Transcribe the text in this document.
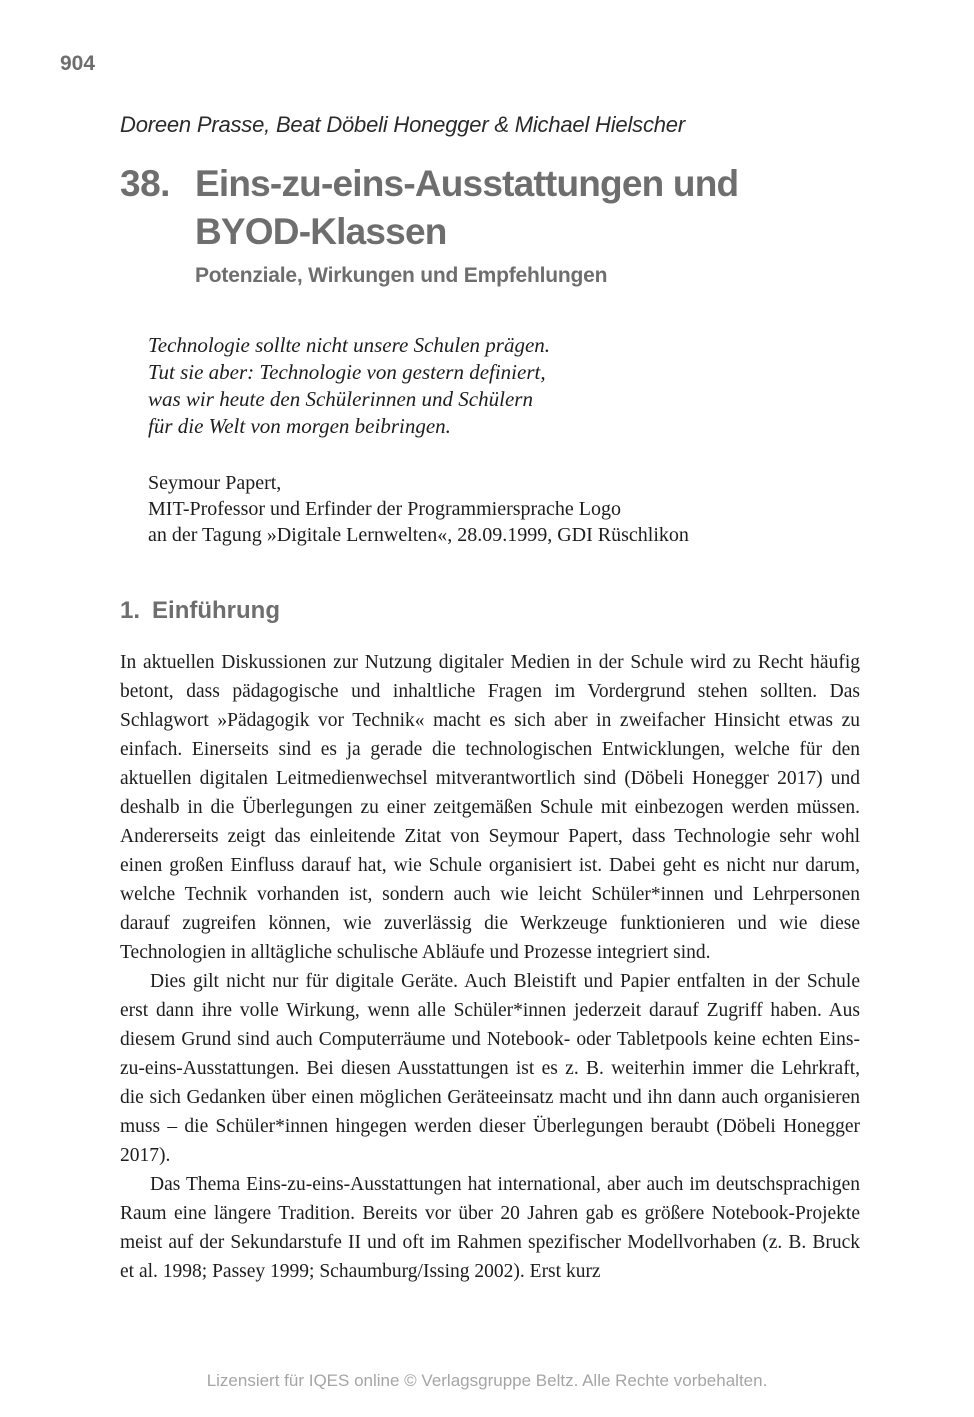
904
Doreen Prasse, Beat Döbeli Honegger & Michael Hielscher
38. Eins-zu-eins-Ausstattungen und
BYOD-Klassen
Potenziale, Wirkungen und Empfehlungen
Technologie sollte nicht unsere Schulen prägen.
Tut sie aber: Technologie von gestern definiert,
was wir heute den Schülerinnen und Schülern
für die Welt von morgen beibringen.
Seymour Papert,
MIT-Professor und Erfinder der Programmiersprache Logo
an der Tagung »Digitale Lernwelten«, 28.09.1999, GDI Rüschlikon
1. Einführung

In aktuellen Diskussionen zur Nutzung digitaler Medien in der Schule wird zu Recht häufig betont, dass pädagogische und inhaltliche Fragen im Vordergrund stehen sollten. Das Schlagwort »Pädagogik vor Technik« macht es sich aber in zweifacher Hinsicht etwas zu einfach. Einerseits sind es ja gerade die technologischen Entwicklungen, welche für den aktuellen digitalen Leitmedienwechsel mitverantwortlich sind (Döbeli Honegger 2017) und deshalb in die Überlegungen zu einer zeitgemäßen Schule mit einbezogen werden müssen. Andererseits zeigt das einleitende Zitat von Seymour Papert, dass Technologie sehr wohl einen großen Einfluss darauf hat, wie Schule organisiert ist. Dabei geht es nicht nur darum, welche Technik vorhanden ist, sondern auch wie leicht Schüler*innen und Lehrpersonen darauf zugreifen können, wie zuverlässig die Werkzeuge funktionieren und wie diese Technologien in alltägliche schulische Abläufe und Prozesse integriert sind.

Dies gilt nicht nur für digitale Geräte. Auch Bleistift und Papier entfalten in der Schule erst dann ihre volle Wirkung, wenn alle Schüler*innen jederzeit darauf Zugriff haben. Aus diesem Grund sind auch Computerräume und Notebook- oder Tabletpools keine echten Eins-zu-eins-Ausstattungen. Bei diesen Ausstattungen ist es z. B. weiterhin immer die Lehrkraft, die sich Gedanken über einen möglichen Geräteeinsatz macht und ihn dann auch organisieren muss – die Schüler*innen hingegen werden dieser Überlegungen beraubt (Döbeli Honegger 2017).

Das Thema Eins-zu-eins-Ausstattungen hat international, aber auch im deutschsprachigen Raum eine längere Tradition. Bereits vor über 20 Jahren gab es größere Notebook-Projekte meist auf der Sekundarstufe II und oft im Rahmen spezifischer Modellvorhaben (z. B. Bruck et al. 1998; Passey 1999; Schaumburg/Issing 2002). Erst kurz

Lizensiert für IQES online © Verlagsgruppe Beltz. Alle Rechte vorbehalten.
